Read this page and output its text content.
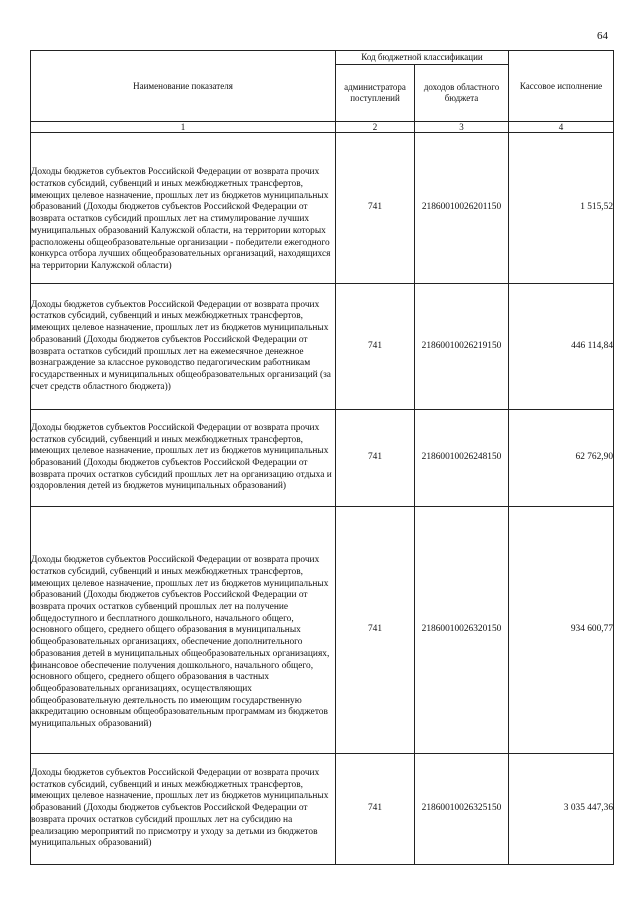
64
Наименование показателя	Код бюджетной классификации		Кассовое исполнение
	администратора поступлений	доходов областного бюджета	
1	2	3	4

Доходы бюджетов субъектов Российской Федерации от возврата прочих остатков субсидий, субвенций и иных межбюджетных трансфертов, имеющих целевое назначение, прошлых лет из бюджетов муниципальных образований (Доходы бюджетов субъектов Российской Федерации от возврата остатков субсидий прошлых лет на стимулирование лучших муниципальных образований Калужской области, на территории которых расположены общеобразовательные организации - победители ежегодного конкурса отбора лучших общеобразовательных организаций, находящихся на территории Калужской области)	741	21860010026201150	1 515,52

Доходы бюджетов субъектов Российской Федерации от возврата прочих остатков субсидий, субвенций и иных межбюджетных трансфертов, имеющих целевое назначение, прошлых лет из бюджетов муниципальных образований (Доходы бюджетов субъектов Российской Федерации от возврата остатков субсидий прошлых лет на ежемесячное денежное вознаграждение за классное руководство педагогическим работникам государственных и муниципальных общеобразовательных организаций (за счет средств областного бюджета))	741	21860010026219150	446 114,84

Доходы бюджетов субъектов Российской Федерации от возврата прочих остатков субсидий, субвенций и иных межбюджетных трансфертов, имеющих целевое назначение, прошлых лет из бюджетов муниципальных образований (Доходы бюджетов субъектов Российской Федерации от возврата прочих остатков субсидий прошлых лет на организацию отдыха и оздоровления детей из бюджетов муниципальных образований)	741	21860010026248150	62 762,90

Доходы бюджетов субъектов Российской Федерации от возврата прочих остатков субсидий, субвенций и иных межбюджетных трансфертов, имеющих целевое назначение, прошлых лет из бюджетов муниципальных образований (Доходы бюджетов субъектов Российской Федерации от возврата прочих остатков субвенций прошлых лет на получение общедоступного и бесплатного дошкольного, начального общего, основного общего, среднего общего образования в муниципальных общеобразовательных организациях, обеспечение дополнительного образования детей в муниципальных общеобразовательных организациях, финансовое обеспечение получения дошкольного, начального общего, основного общего, среднего общего образования в частных общеобразовательных организациях, осуществляющих общеобразовательную деятельность по имеющим государственную аккредитацию основным общеобразовательным программам из бюджетов муниципальных образований)	741	21860010026320150	934 600,77

Доходы бюджетов субъектов Российской Федерации от возврата прочих остатков субсидий, субвенций и иных межбюджетных трансфертов, имеющих целевое назначение, прошлых лет из бюджетов муниципальных образований (Доходы бюджетов субъектов Российской Федерации от возврата прочих остатков субсидий прошлых лет на субсидию на реализацию мероприятий по присмотру и уходу за детьми из бюджетов муниципальных образований)	741	21860010026325150	3 035 447,36
